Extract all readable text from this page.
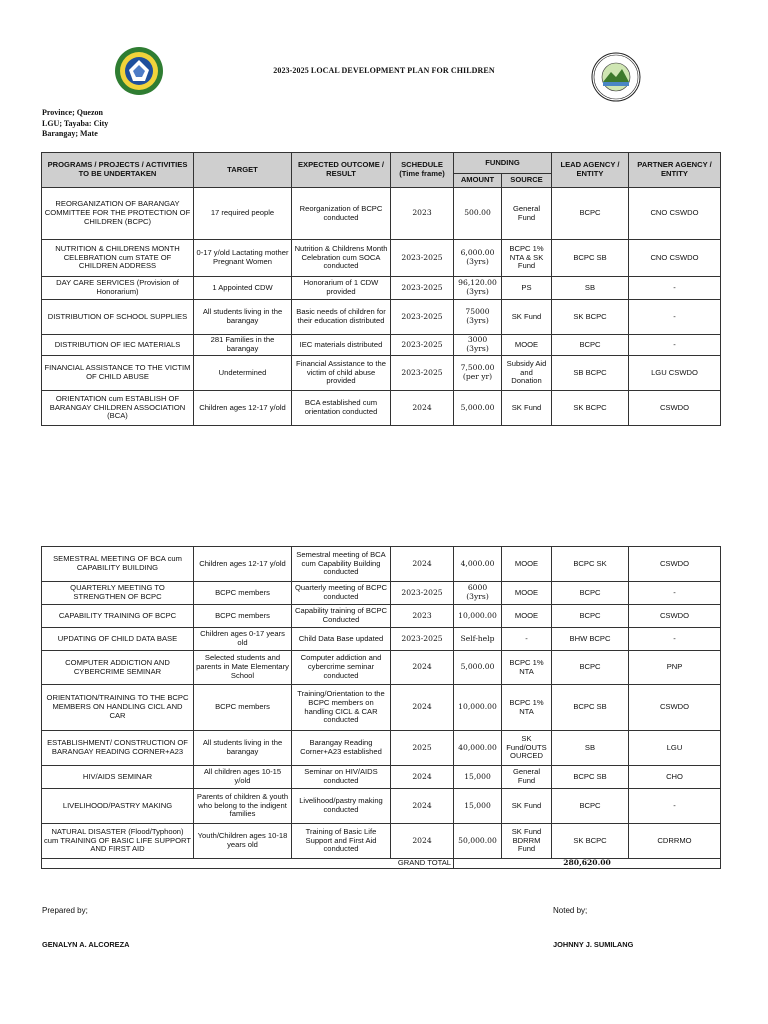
2023-2025 LOCAL DEVELOPMENT PLAN FOR CHILDREN
Province; Quezon
LGU; Tayaba: City
Barangay; Mate
PROGRAMS / PROJECTS / ACTIVITIES TO BE UNDERTAKEN	TARGET	EXPECTED OUTCOME / RESULT	SCHEDULE (Time frame)	FUNDING		LEAD AGENCY / ENTITY	PARTNER AGENCY / ENTITY
				AMOUNT	SOURCE		
REORGANIZATION OF BARANGAY COMMITTEE FOR THE PROTECTION OF CHILDREN (BCPC)	17 required people	Reorganization of BCPC conducted	2023	500.00	General Fund	BCPC	CNO CSWDO
NUTRITION & CHILDRENS MONTH CELEBRATION cum STATE OF CHILDREN ADDRESS	0-17 y/old Lactating mother Pregnant Women	Nutrition & Childrens Month Celebration cum SOCA conducted	2023-2025	6,000.00 (3yrs)	BCPC 1% NTA & SK Fund	BCPC SB	CNO CSWDO
DAY CARE SERVICES (Provision of Honorarium)	1 Appointed CDW	Honorarium of 1 CDW provided	2023-2025	96,120.00 (3yrs)	PS	SB	-
DISTRIBUTION OF SCHOOL SUPPLIES	All students living in the barangay	Basic needs of children for their education distributed	2023-2025	75000 (3yrs)	SK Fund	SK BCPC	-
DISTRIBUTION OF IEC MATERIALS	281 Families in the barangay	IEC materials distributed	2023-2025	3000 (3yrs)	MOOE	BCPC	-
FINANCIAL ASSISTANCE TO THE VICTIM OF CHILD ABUSE	Undetermined	Financial Assistance to the victim of child abuse provided	2023-2025	7,500.00 (per yr)	Subsidy Aid and Donation	SB BCPC	LGU CSWDO
ORIENTATION cum ESTABLISH OF BARANGAY CHILDREN ASSOCIATION (BCA)	Children ages 12-17 y/old	BCA established cum orientation conducted	2024	5,000.00	SK Fund	SK BCPC	CSWDO
SEMESTRAL MEETING OF BCA cum CAPABILITY BUILDING	Children ages 12-17 y/old	Semestral meeting of BCA cum Capability Building conducted	2024	4,000.00	MOOE	BCPC SK	CSWDO
QUARTERLY MEETING TO STRENGTHEN OF BCPC	BCPC members	Quarterly meeting of BCPC conducted	2023-2025	6000 (3yrs)	MOOE	BCPC	-
CAPABILITY TRAINING OF BCPC	BCPC members	Capability training of BCPC Conducted	2023	10,000.00	MOOE	BCPC	CSWDO
UPDATING OF CHILD DATA BASE	Children ages 0-17 years old	Child Data Base updated	2023-2025	Self-help	-	BHW BCPC	-
COMPUTER ADDICTION AND CYBERCRIME SEMINAR	Selected students and parents in Mate Elementary School	Computer addiction and cybercrime seminar conducted	2024	5,000.00	BCPC 1% NTA	BCPC	PNP
ORIENTATION/TRAINING TO THE BCPC MEMBERS ON HANDLING CICL AND CAR	BCPC members	Training/Orientation to the BCPC members on handling CICL & CAR conducted	2024	10,000.00	BCPC 1% NTA	BCPC SB	CSWDO
ESTABLISHMENT/ CONSTRUCTION OF BARANGAY READING CORNER+A23	All students living in the barangay	Barangay Reading Corner+A23 established	2025	40,000.00	SK Fund/OUTS OURCED	SB	LGU
HIV/AIDS SEMINAR	All children ages 10-15 y/old	Seminar on HIV/AIDS conducted	2024	15,000	General Fund	BCPC SB	CHO
LIVELIHOOD/PASTRY MAKING	Parents of children & youth who belong to the indigent families	Livelihood/pastry making conducted	2024	15,000	SK Fund	BCPC	-
NATURAL DISASTER (Flood/Typhoon) cum TRAINING OF BASIC LIFE SUPPORT AND FIRST AID	Youth/Children ages 10-18 years old	Training of Basic Life Support and First Aid conducted	2024	50,000.00	SK Fund BDRRM Fund	SK BCPC	CDRRMO
GRAND TOTAL				280,620.00			
Prepared by;	Noted by;
GENALYN A. ALCOREZA	JOHNNY J. SUMILANG
